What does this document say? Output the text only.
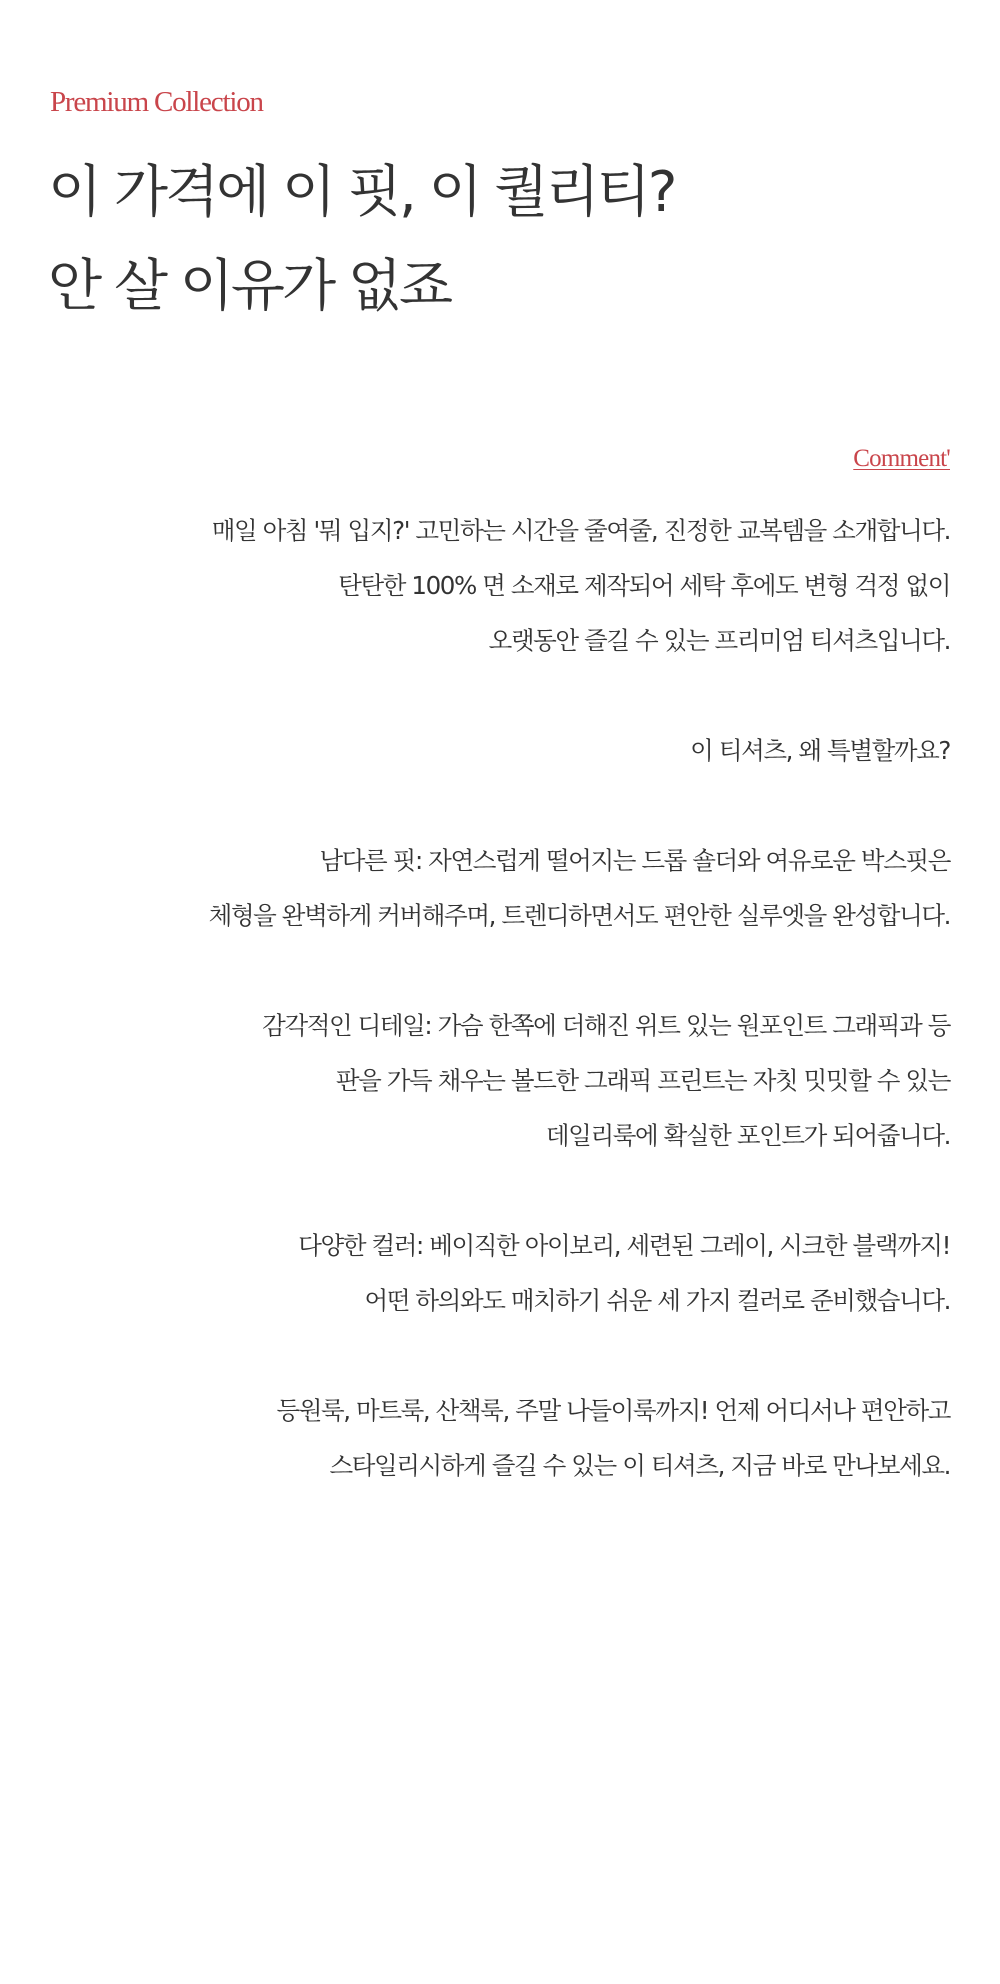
Premium Collection

이 가격에 이 핏, 이 퀄리티?
안 살 이유가 없죠

Comment'

매일 아침 '뭐 입지?' 고민하는 시간을 줄여줄, 진정한 교복템을 소개합니다.
탄탄한 100% 면 소재로 제작되어 세탁 후에도 변형 걱정 없이
오랫동안 즐길 수 있는 프리미엄 티셔츠입니다.
이 티셔츠, 왜 특별할까요?
남다른 핏: 자연스럽게 떨어지는 드롭 숄더와 여유로운 박스핏은
체형을 완벽하게 커버해주며, 트렌디하면서도 편안한 실루엣을 완성합니다.
감각적인 디테일: 가슴 한쪽에 더해진 위트 있는 원포인트 그래픽과 등
판을 가득 채우는 볼드한 그래픽 프린트는 자칫 밋밋할 수 있는
데일리룩에 확실한 포인트가 되어줍니다.
다양한 컬러: 베이직한 아이보리, 세련된 그레이, 시크한 블랙까지!
어떤 하의와도 매치하기 쉬운 세 가지 컬러로 준비했습니다.
등원룩, 마트룩, 산책룩, 주말 나들이룩까지! 언제 어디서나 편안하고
스타일리시하게 즐길 수 있는 이 티셔츠, 지금 바로 만나보세요.
